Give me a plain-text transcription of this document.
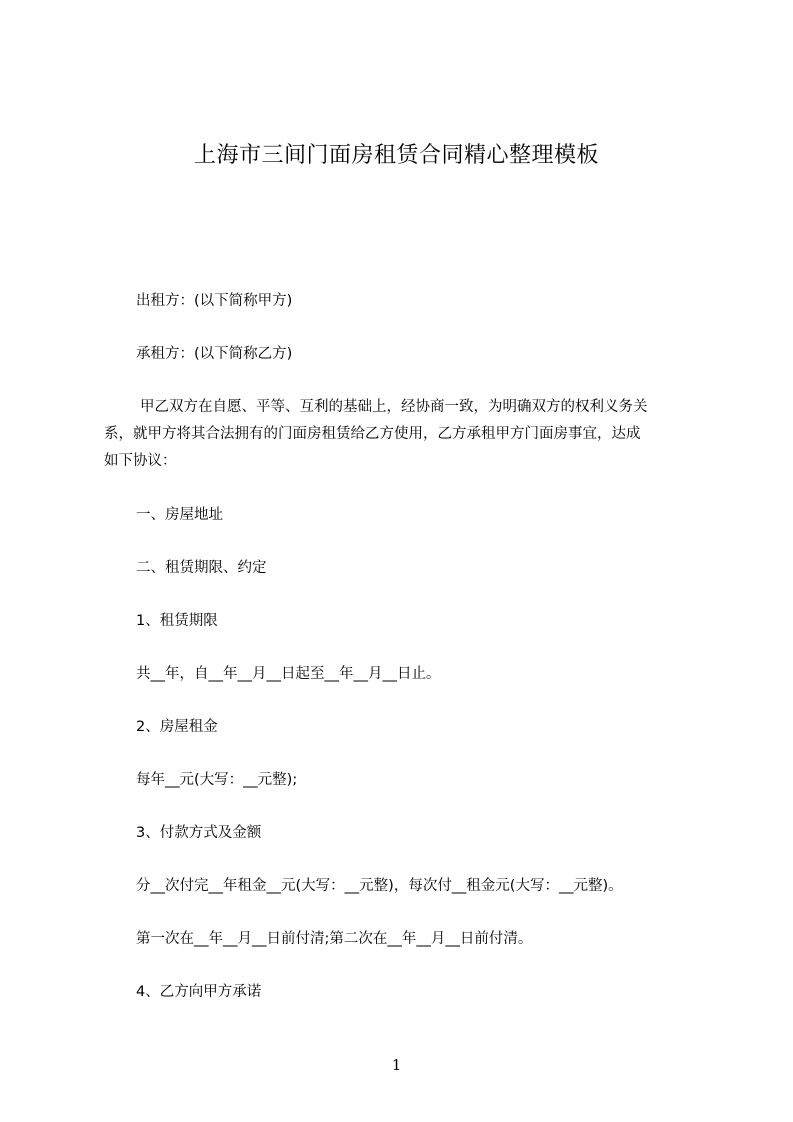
上海市三间门面房租赁合同精心整理模板
出租方：(以下简称甲方)
承租方：(以下简称乙方)
甲乙双方在自愿、平等、互利的基础上，经协商一致，为明确双方的权利义务关
系，就甲方将其合法拥有的门面房租赁给乙方使用，乙方承租甲方门面房事宜，达成
如下协议：
一、房屋地址
二、租赁期限、约定
1、租赁期限
共__年，自__年__月__日起至__年__月__日止。
2、房屋租金
每年__元(大写：__元整);
3、付款方式及金额
分__次付完__年租金__元(大写：__元整)，每次付__租金元(大写：__元整)。
第一次在__年__月__日前付清;第二次在__年__月__日前付清。
4、乙方向甲方承诺
1
